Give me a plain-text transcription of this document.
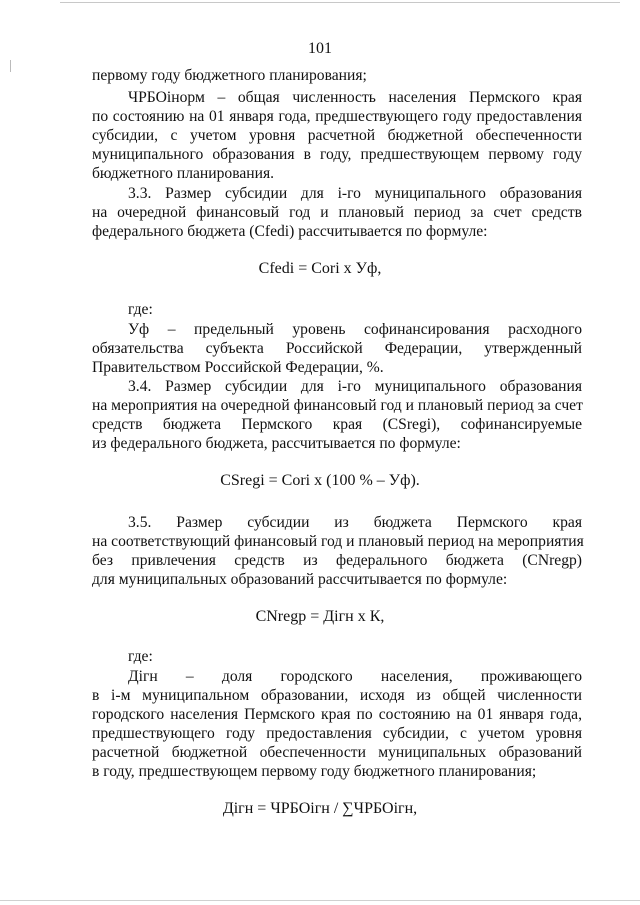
101
первому году бюджетного планирования;
ЧРБОiнорм – общая численность населения Пермского края
по состоянию на 01 января года, предшествующего году предоставления
субсидии, с учетом уровня расчетной бюджетной обеспеченности
муниципального образования в году, предшествующем первому году
бюджетного планирования.
3.3. Размер субсидии для i-го муниципального образования
на очередной финансовый год и плановый период за счет средств
федерального бюджета (Cfedi) рассчитывается по формуле:
Cfedi = Cori x Уф,
где:
Уф – предельный уровень софинансирования расходного
обязательства субъекта Российской Федерации, утвержденный
Правительством Российской Федерации, %.
3.4. Размер субсидии для i-го муниципального образования
на мероприятия на очередной финансовый год и плановый период за счет
средств бюджета Пермского края (CSregi), софинансируемые
из федерального бюджета, рассчитывается по формуле:
CSregi = Cori x (100 % – Уф).
3.5. Размер субсидии из бюджета Пермского края
на соответствующий финансовый год и плановый период на мероприятия
без привлечения средств из федерального бюджета (CNregp)
для муниципальных образований рассчитывается по формуле:
CNregp = Дiгн x К,
где:
Дiгн – доля городского населения, проживающего
в i-м муниципальном образовании, исходя из общей численности
городского населения Пермского края по состоянию на 01 января года,
предшествующего году предоставления субсидии, с учетом уровня
расчетной бюджетной обеспеченности муниципальных образований
в году, предшествующем первому году бюджетного планирования;
Дiгн = ЧРБОiгн / ∑ЧРБОiгн,
